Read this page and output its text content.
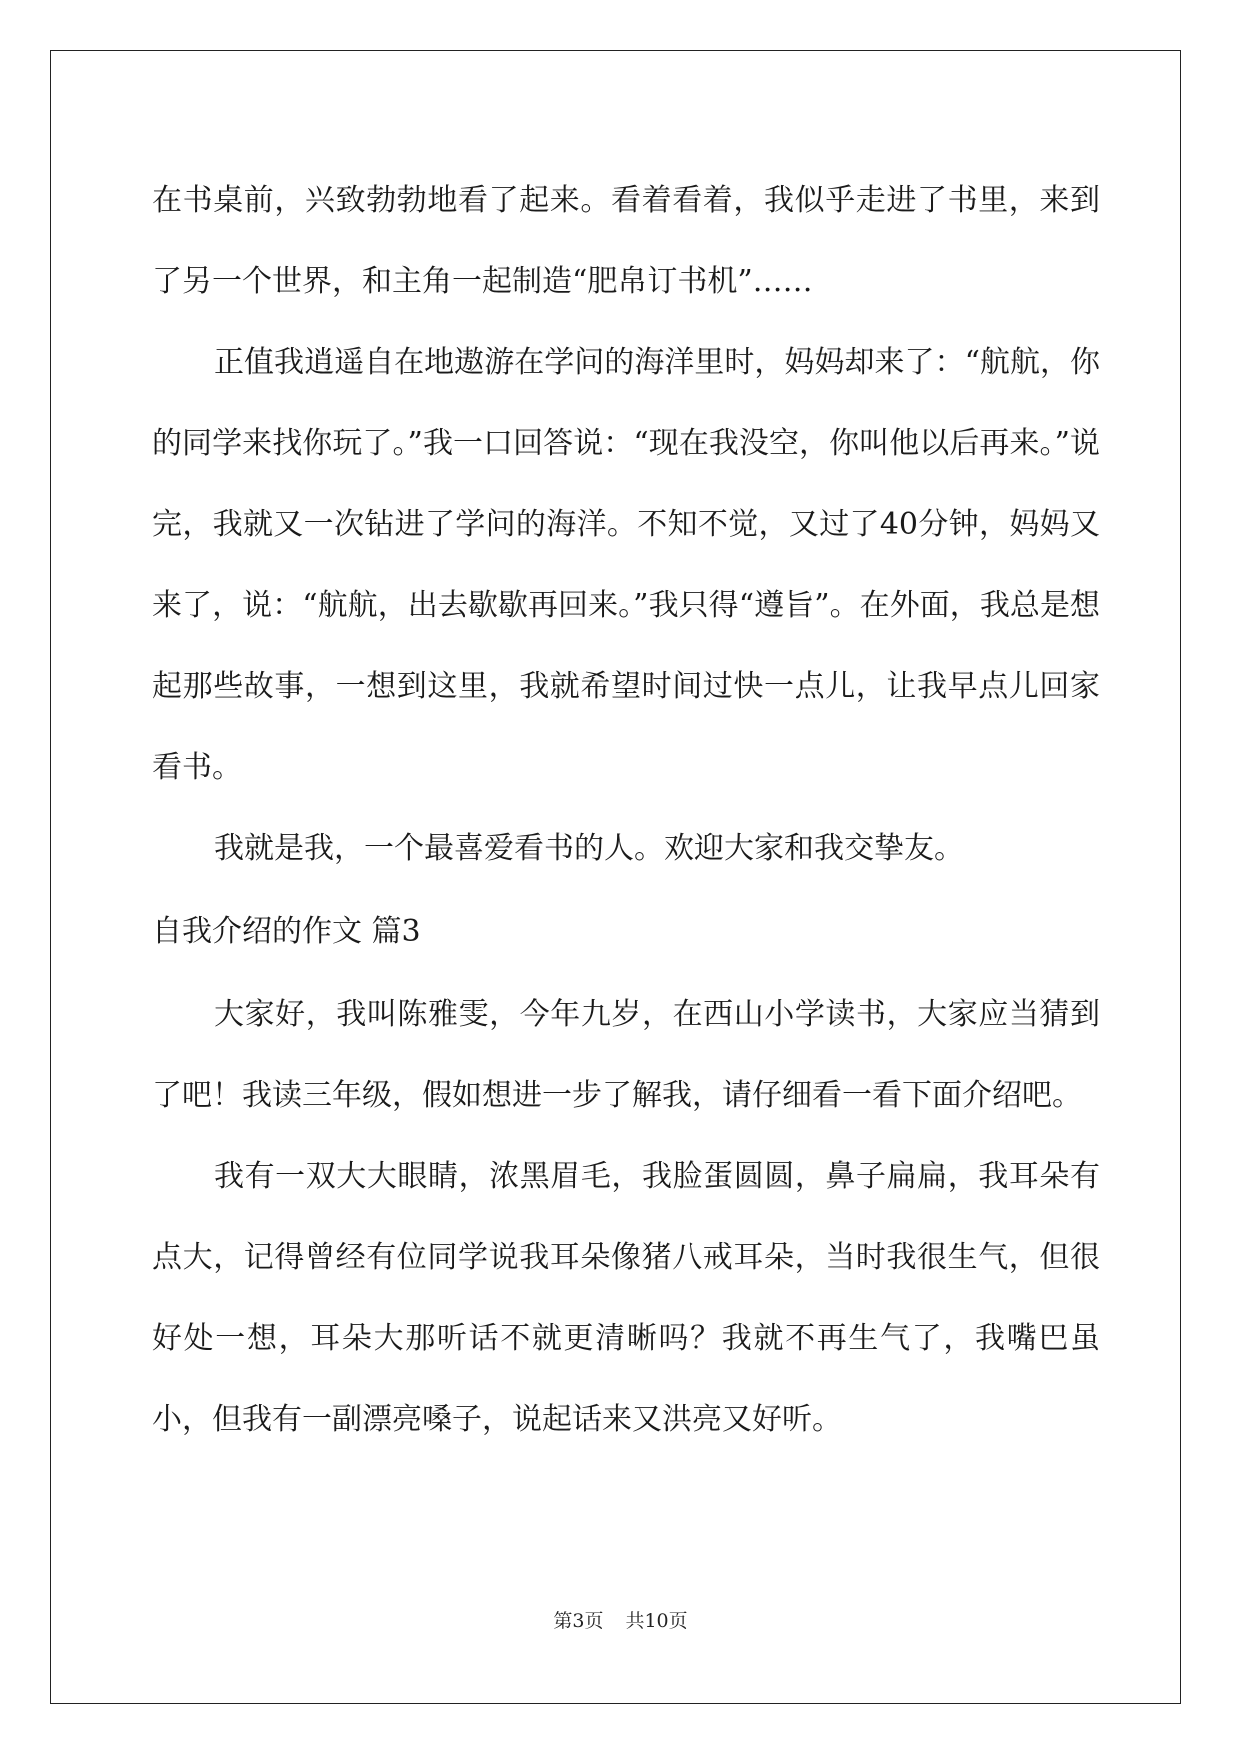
在书桌前，兴致勃勃地看了起来。看着看着，我似乎走进了书里，来到了另一个世界，和主角一起制造“肥帛订书机”……

正值我逍遥自在地遨游在学问的海洋里时，妈妈却来了：“航航，你的同学来找你玩了。”我一口回答说：“现在我没空，你叫他以后再来。”说完，我就又一次钻进了学问的海洋。不知不觉，又过了40分钟，妈妈又来了，说：“航航，出去歇歇再回来。”我只得“遵旨”。在外面，我总是想起那些故事，一想到这里，我就希望时间过快一点儿，让我早点儿回家看书。

我就是我，一个最喜爱看书的人。欢迎大家和我交挚友。

自我介绍的作文 篇3

大家好，我叫陈雅雯，今年九岁，在西山小学读书，大家应当猜到了吧！我读三年级，假如想进一步了解我，请仔细看一看下面介绍吧。

我有一双大大眼睛，浓黑眉毛，我脸蛋圆圆，鼻子扁扁，我耳朵有点大，记得曾经有位同学说我耳朵像猪八戒耳朵，当时我很生气，但很好处一想，耳朵大那听话不就更清晰吗？我就不再生气了，我嘴巴虽小，但我有一副漂亮嗓子，说起话来又洪亮又好听。

第3页 共10页
